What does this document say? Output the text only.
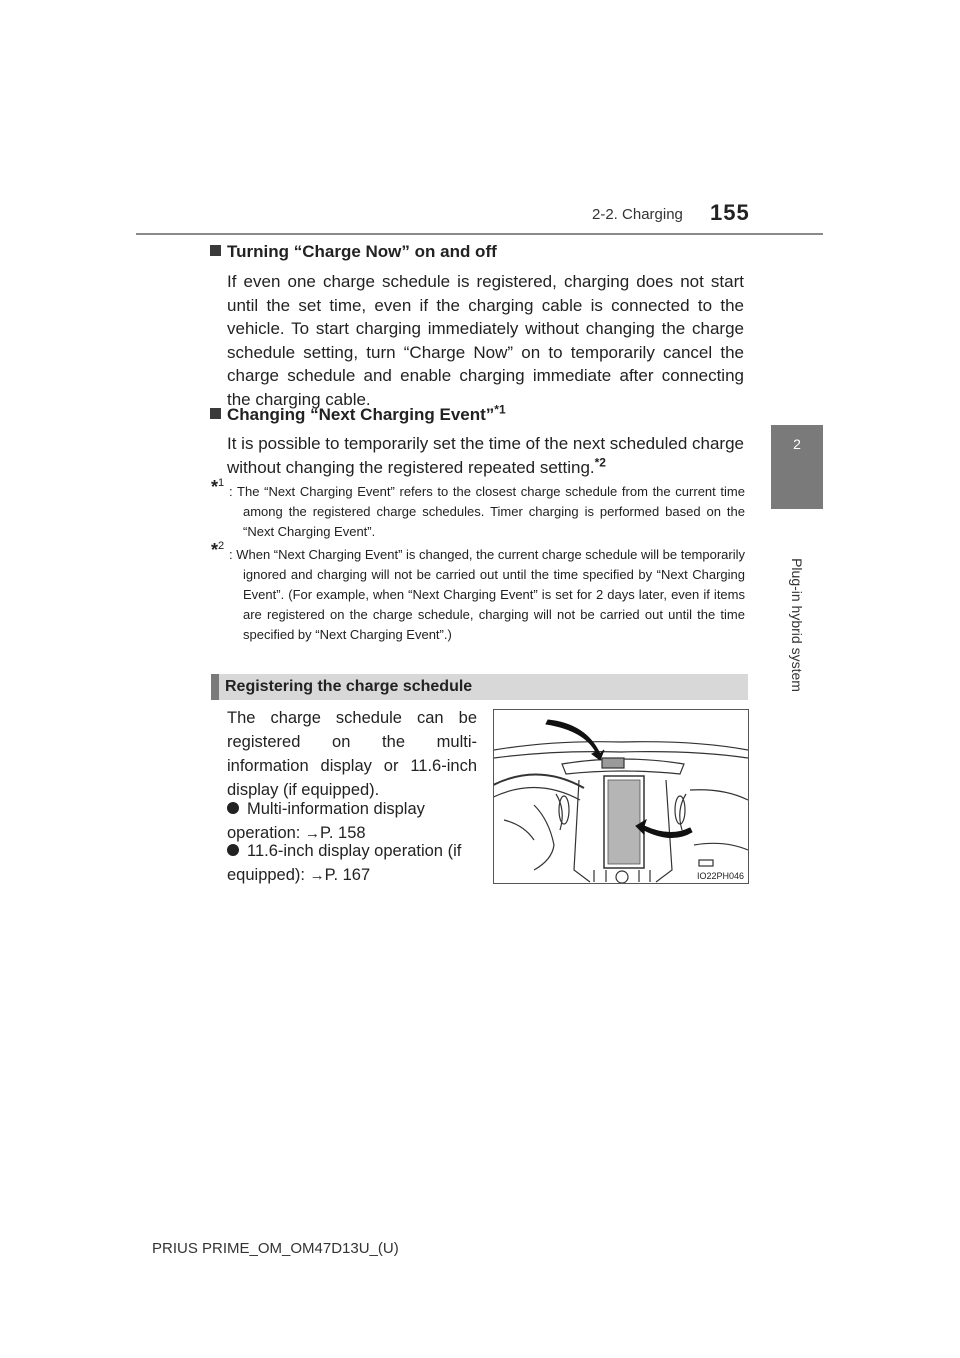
2-2. Charging 155
2
Plug-in hybrid system
Turning “Charge Now” on and off
If even one charge schedule is registered, charging does not start until the set time, even if the charging cable is connected to the vehicle. To start charging immediately without changing the charge schedule setting, turn “Charge Now” on to temporarily cancel the charge schedule and enable charging immediate after connecting the charging cable.
Changing “Next Charging Event”$^{*1}$
It is possible to temporarily set the time of the next scheduled charge without changing the registered repeated setting.$^{*2}$
*$^1$
: The “Next Charging Event” refers to the closest charge schedule from the current time among the registered charge schedules. Timer charging is performed based on the “Next Charging Event”.
*$^2$
: When “Next Charging Event” is changed, the current charge schedule will be temporarily ignored and charging will not be carried out until the time specified by “Next Charging Event”. (For example, when “Next Charging Event” is set for 2 days later, even if items are registered on the charge schedule, charging will not be carried out until the time specified by “Next Charging Event”.)
Registering the charge schedule
The charge schedule can be registered on the multi-information display or 11.6-inch display (if equipped).
Multi-information display operation: →P. 158
11.6-inch display operation (if equipped): →P. 167	IO22PH046
PRIUS PRIME_OM_OM47D13U_(U)
